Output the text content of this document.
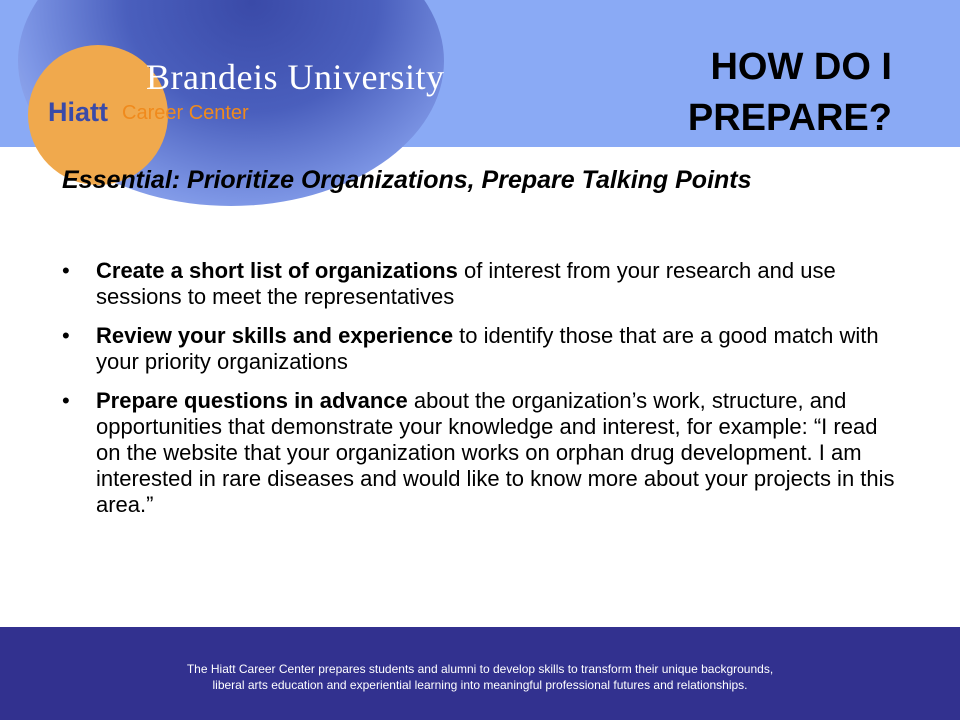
Brandeis University
Hiatt Career Center
HOW DO I PREPARE?
Essential: Prioritize Organizations, Prepare Talking Points
• Create a short list of organizations of interest from your research and use sessions to meet the representatives
• Review your skills and experience to identify those that are a good match with your priority organizations
• Prepare questions in advance about the organization’s work, structure, and opportunities that demonstrate your knowledge and interest, for example: “I read on the website that your organization works on orphan drug development. I am interested in rare diseases and would like to know more about your projects in this area.”
The Hiatt Career Center prepares students and alumni to develop skills to transform their unique backgrounds, liberal arts education and experiential learning into meaningful professional futures and relationships.
